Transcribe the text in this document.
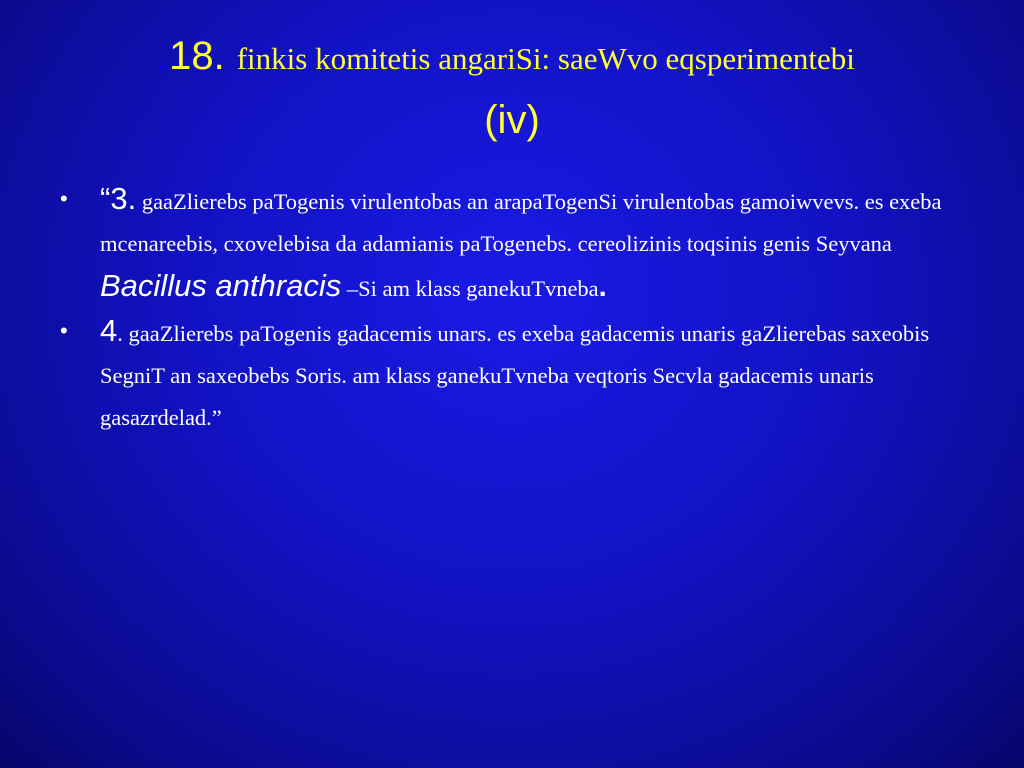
18. finkis komitetis angariSi: saeWvo eqsperimentebi
(iv)
• “3. gaaZlierebs paTogenis virulentobas an arapaTogenSi virulentobas gamoiwvevs. es exeba mcenareebis, cxovelebisa da adamianis paTogenebs. cereolizinis toqsinis genis Seyvana Bacillus anthracis –Si am klass ganekuTvneba.
• 4. gaaZlierebs paTogenis gadacemis unars. es exeba gadacemis unaris gaZlierebas saxeobis SegniT an saxeobebs Soris. am klass ganekuTvneba veqtoris Secvla gadacemis unaris gasazrdelad.”
